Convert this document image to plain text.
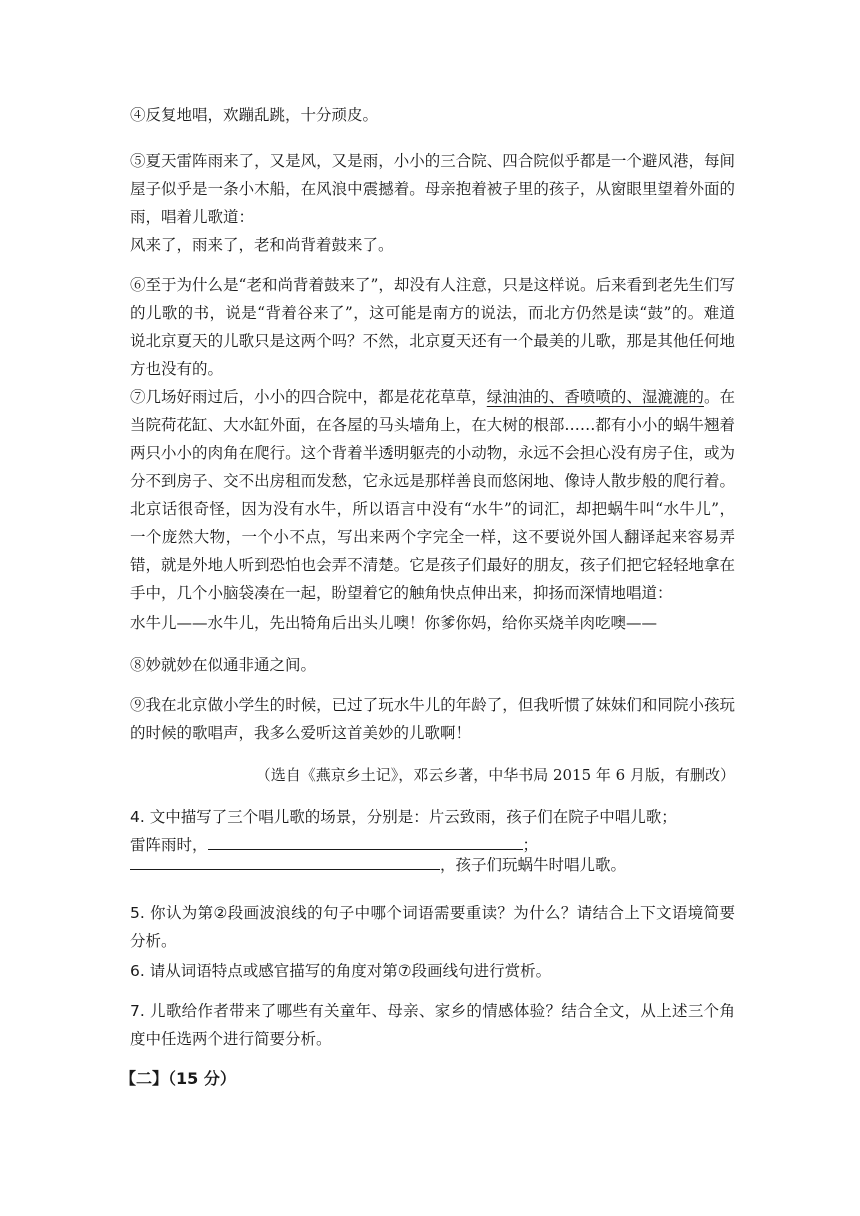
④反复地唱，欢蹦乱跳，十分顽皮。

⑤夏天雷阵雨来了，又是风，又是雨，小小的三合院、四合院似乎都是一个避风港，每间屋子似乎是一条小木船，在风浪中震撼着。母亲抱着被子里的孩子，从窗眼里望着外面的雨，唱着儿歌道：

风来了，雨来了，老和尚背着鼓来了。

⑥至于为什么是“老和尚背着鼓来了”，却没有人注意，只是这样说。后来看到老先生们写的儿歌的书，说是“背着谷来了”，这可能是南方的说法，而北方仍然是读“鼓”的。难道说北京夏天的儿歌只是这两个吗？不然，北京夏天还有一个最美的儿歌，那是其他任何地方也没有的。

⑦几场好雨过后，小小的四合院中，都是花花草草，绿油油的、香喷喷的、湿漉漉的。在当院荷花缸、大水缸外面，在各屋的马头墙角上，在大树的根部……都有小小的蜗牛翘着两只小小的肉角在爬行。这个背着半透明躯壳的小动物，永远不会担心没有房子住，或为分不到房子、交不出房租而发愁，它永远是那样善良而悠闲地、像诗人散步般的爬行着。北京话很奇怪，因为没有水牛，所以语言中没有“水牛”的词汇，却把蜗牛叫“水牛儿”，一个庞然大物，一个小不点，写出来两个字完全一样，这不要说外国人翻译起来容易弄错，就是外地人听到恐怕也会弄不清楚。它是孩子们最好的朋友，孩子们把它轻轻地拿在手中，几个小脑袋凑在一起，盼望着它的触角快点伸出来，抑扬而深情地唱道：

水牛儿——水牛儿，先出犄角后出头儿噢！你爹你妈，给你买烧羊肉吃噢——

⑧妙就妙在似通非通之间。

⑨我在北京做小学生的时候，已过了玩水牛儿的年龄了，但我听惯了妹妹们和同院小孩玩的时候的歌唱声，我多么爱听这首美妙的儿歌啊！

（选自《燕京乡土记》，邓云乡著，中华书局 2015 年 6 月版，有删改）

4. 文中描写了三个唱儿歌的场景，分别是：片云致雨，孩子们在院子中唱儿歌；

雷阵雨时，	；

，孩子们玩蜗牛时唱儿歌。

5. 你认为第②段画波浪线的句子中哪个词语需要重读？为什么？请结合上下文语境简要分析。

6. 请从词语特点或感官描写的角度对第⑦段画线句进行赏析。

7. 儿歌给作者带来了哪些有关童年、母亲、家乡的情感体验？结合全文，从上述三个角度中任选两个进行简要分析。

【二】（15 分）
